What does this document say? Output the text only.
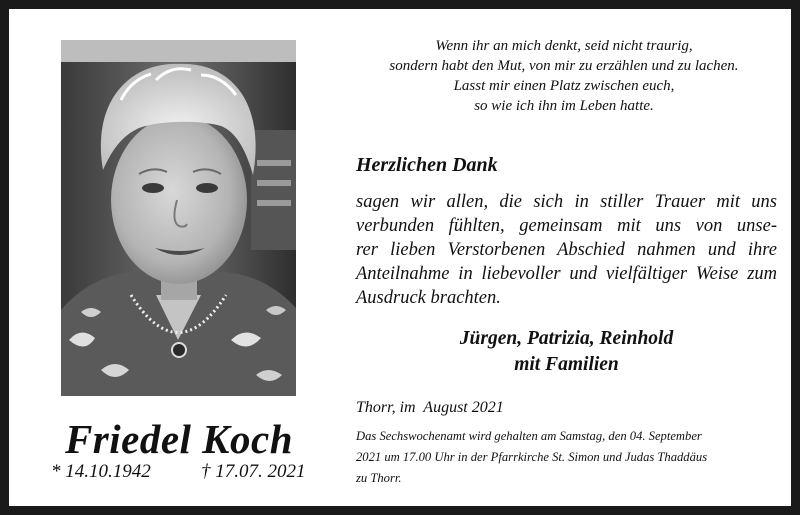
Friedel Koch
* 14.10.1942	† 17.07. 2021
Wenn ihr an mich denkt, seid nicht traurig,
sondern habt den Mut, von mir zu erzählen und zu lachen.
Lasst mir einen Platz zwischen euch,
so wie ich ihn im Leben hatte.
Herzlichen Dank
sagen wir allen, die sich in stiller Trauer mit uns
verbunden fühlten, gemeinsam mit uns von unse-
rer lieben Verstorbenen Abschied nahmen und ihre
Anteilnahme in liebevoller und vielfältiger Weise zum
Ausdruck brachten.
Jürgen, Patrizia, Reinhold
mit Familien
Thorr, im  August 2021
Das Sechswochenamt wird gehalten am Samstag, den 04. September
2021 um 17.00 Uhr in der Pfarrkirche St. Simon und Judas Thaddäus
zu Thorr.
